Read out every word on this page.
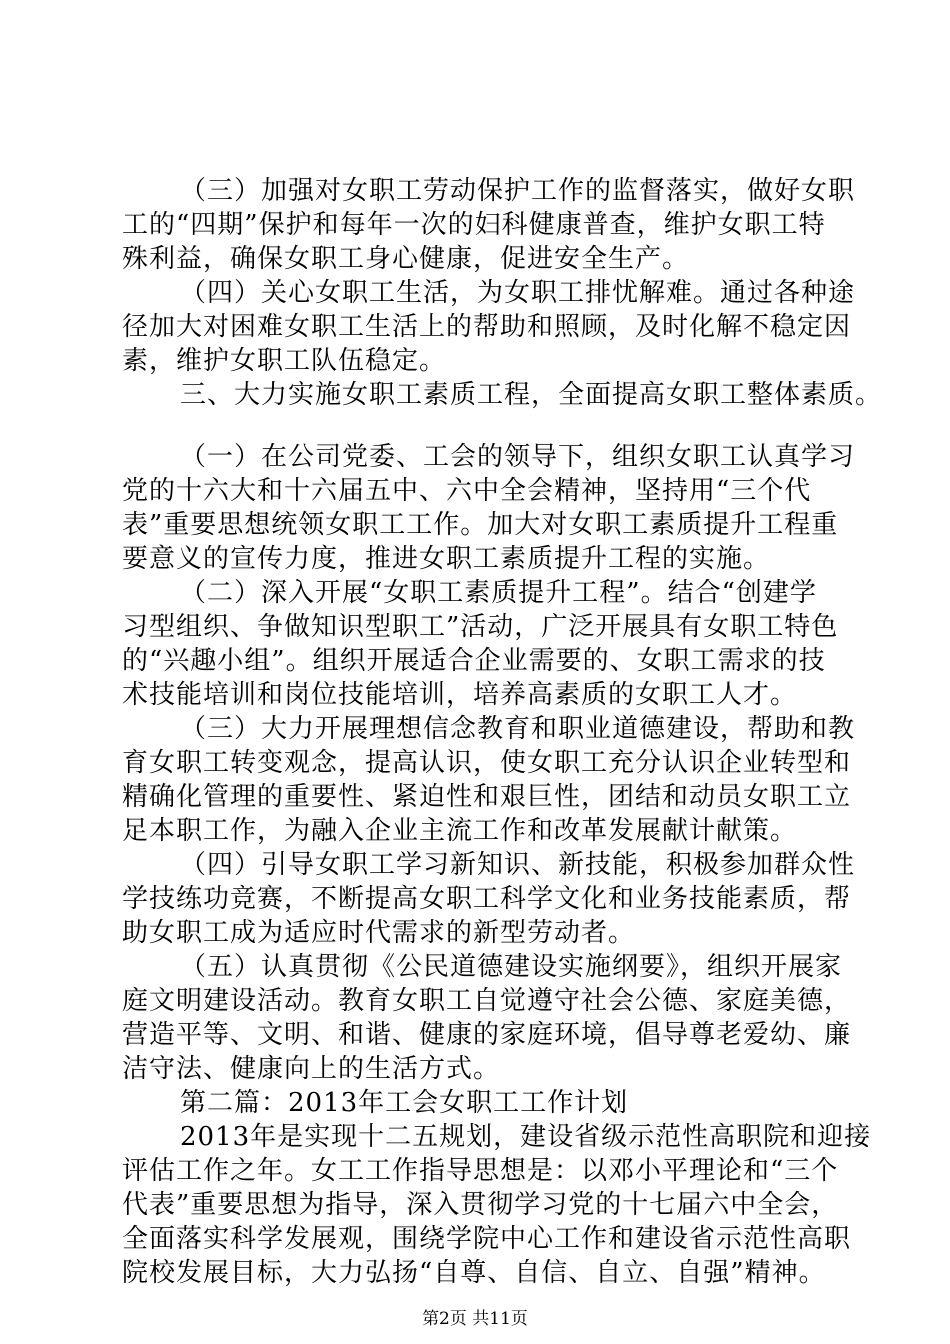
（三）加强对女职工劳动保护工作的监督落实，做好女职
工的“四期”保护和每年一次的妇科健康普查，维护女职工特
殊利益，确保女职工身心健康，促进安全生产。
（四）关心女职工生活，为女职工排忧解难。通过各种途
径加大对困难女职工生活上的帮助和照顾，及时化解不稳定因
素，维护女职工队伍稳定。
三、大力实施女职工素质工程，全面提高女职工整体素质。
（一）在公司党委、工会的领导下，组织女职工认真学习
党的十六大和十六届五中、六中全会精神，坚持用“三个代
表”重要思想统领女职工工作。加大对女职工素质提升工程重
要意义的宣传力度，推进女职工素质提升工程的实施。
（二）深入开展“女职工素质提升工程”。结合“创建学
习型组织、争做知识型职工”活动，广泛开展具有女职工特色
的“兴趣小组”。组织开展适合企业需要的、女职工需求的技
术技能培训和岗位技能培训，培养高素质的女职工人才。
（三）大力开展理想信念教育和职业道德建设，帮助和教
育女职工转变观念，提高认识，使女职工充分认识企业转型和
精确化管理的重要性、紧迫性和艰巨性，团结和动员女职工立
足本职工作，为融入企业主流工作和改革发展献计献策。
（四）引导女职工学习新知识、新技能，积极参加群众性
学技练功竞赛，不断提高女职工科学文化和业务技能素质，帮
助女职工成为适应时代需求的新型劳动者。
（五）认真贯彻《公民道德建设实施纲要》，组织开展家
庭文明建设活动。教育女职工自觉遵守社会公德、家庭美德，
营造平等、文明、和谐、健康的家庭环境，倡导尊老爱幼、廉
洁守法、健康向上的生活方式。
第二篇：2013年工会女职工工作计划
2013年是实现十二五规划，建设省级示范性高职院和迎接
评估工作之年。女工工作指导思想是：以邓小平理论和“三个
代表”重要思想为指导，深入贯彻学习党的十七届六中全会，
全面落实科学发展观，围绕学院中心工作和建设省示范性高职
院校发展目标，大力弘扬“自尊、自信、自立、自强”精神。
第2页 共11页
